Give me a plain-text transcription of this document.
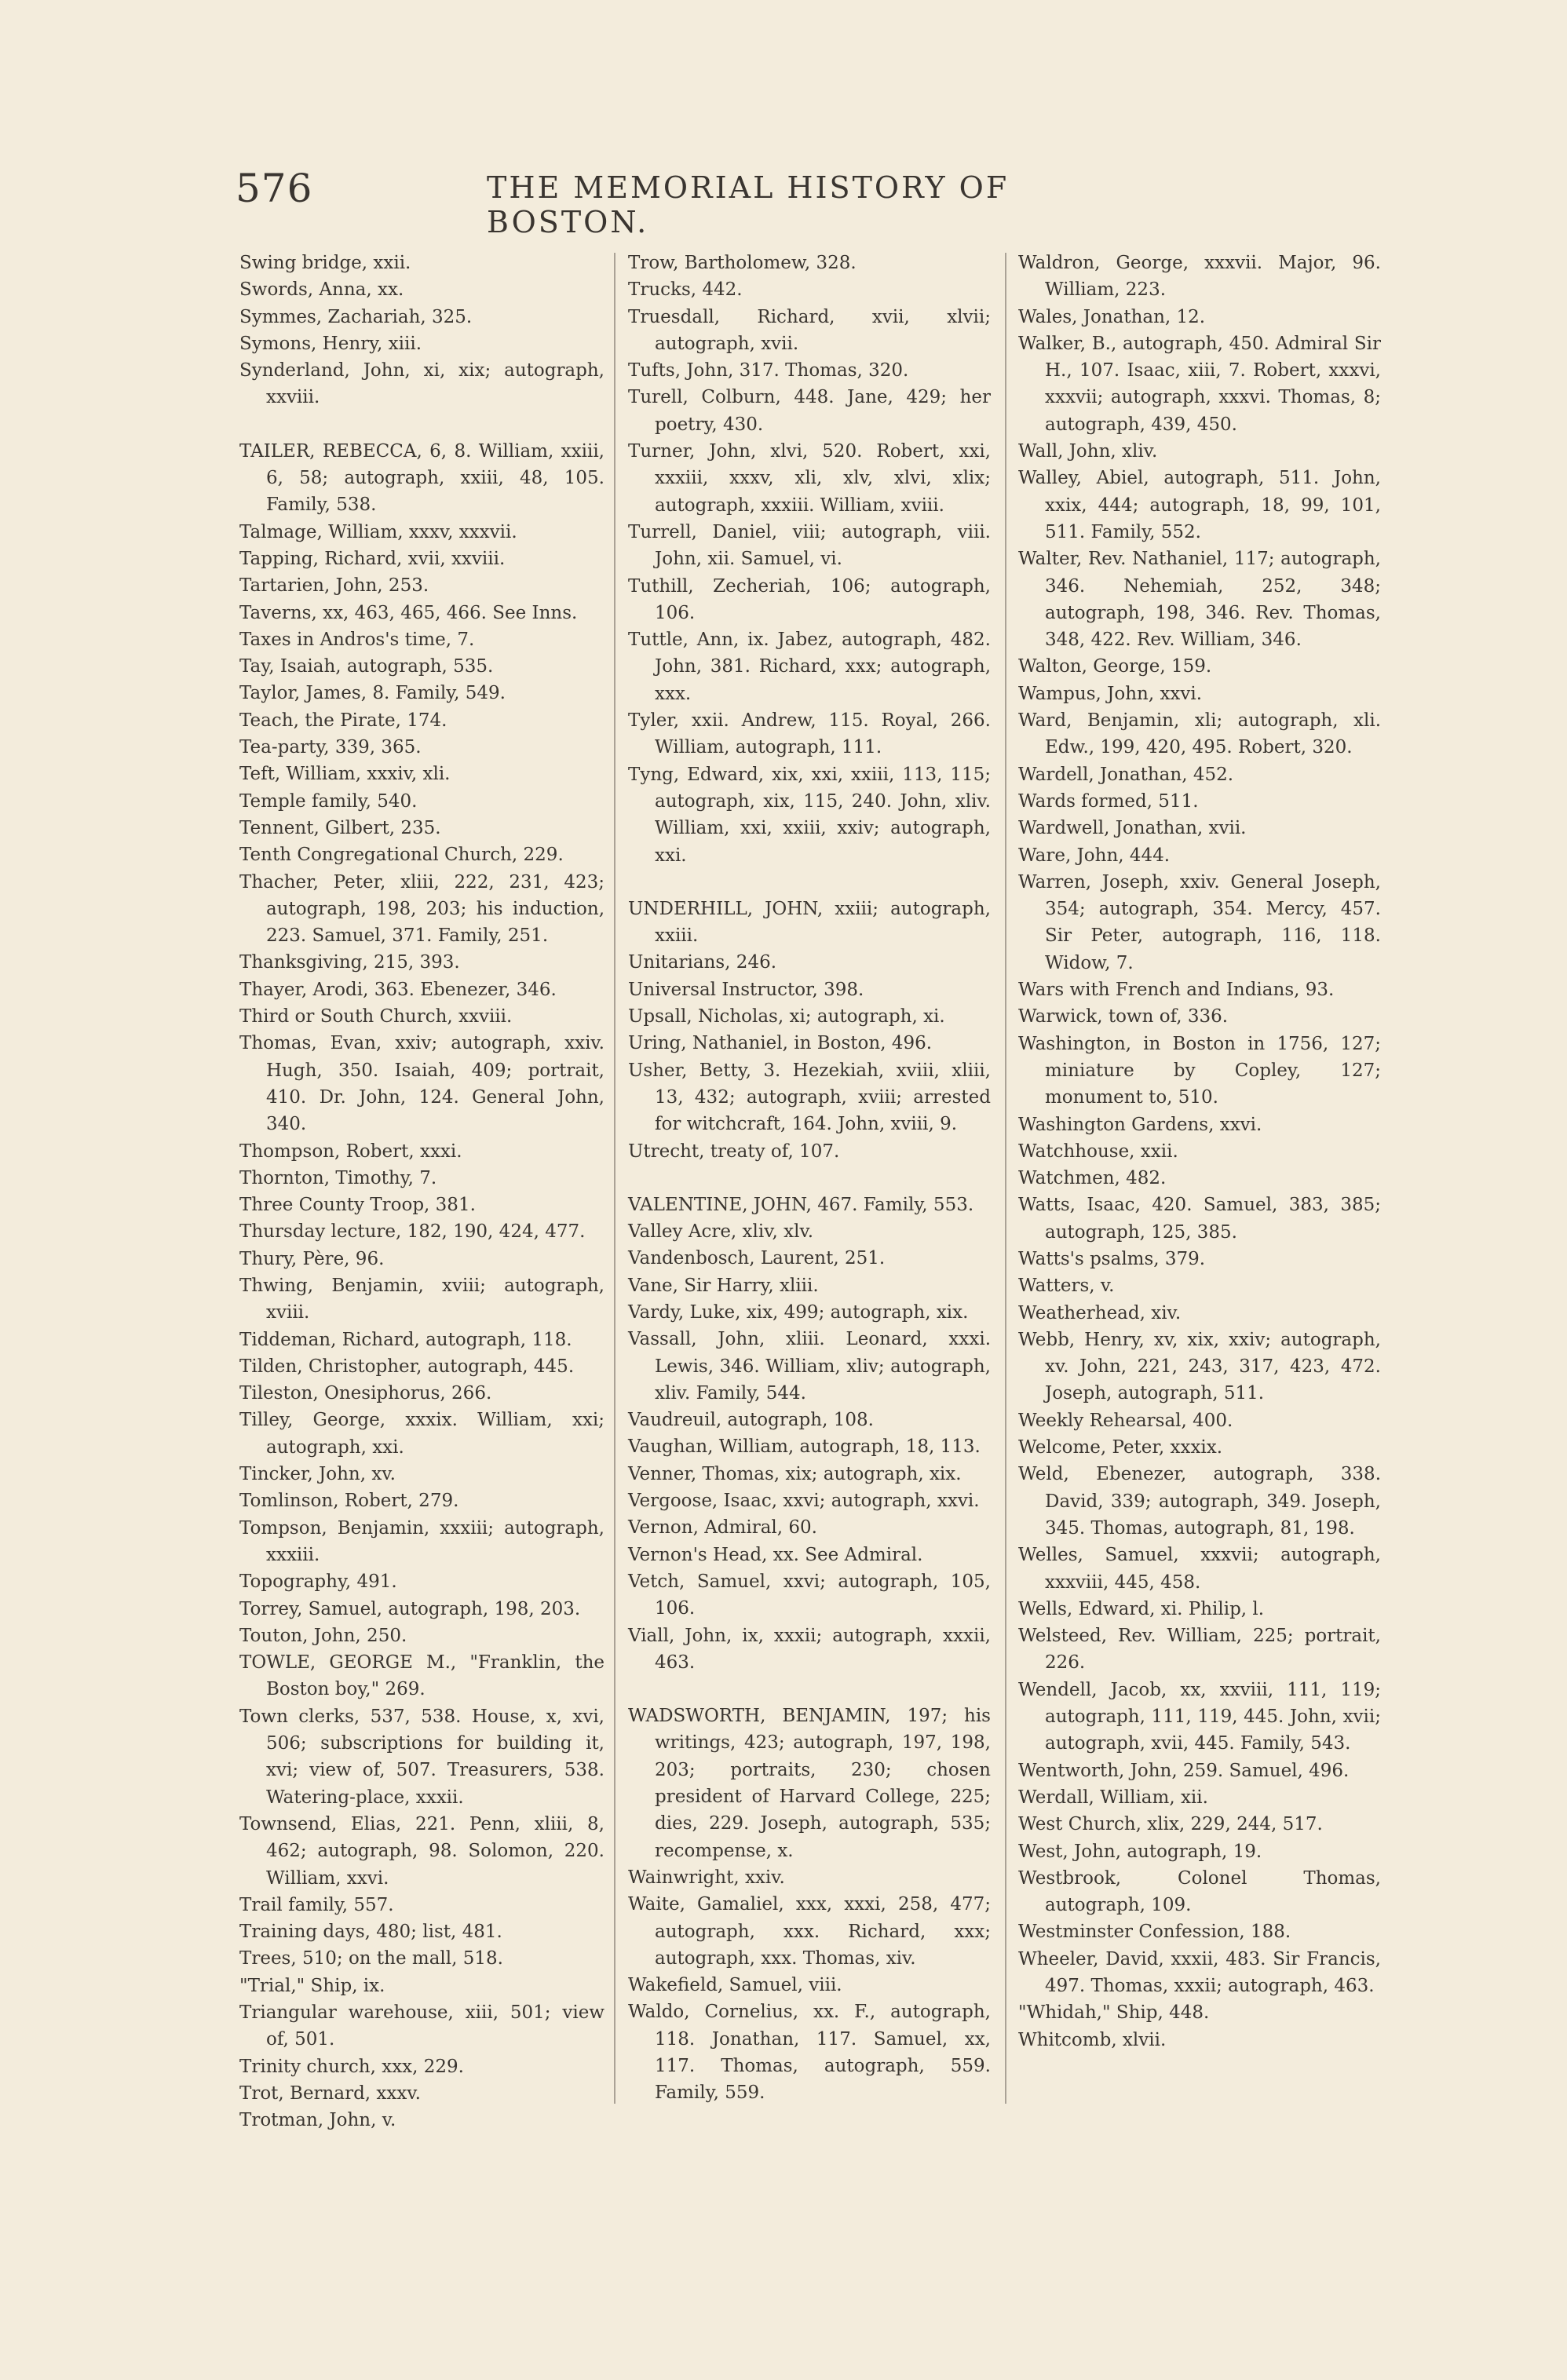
576	THE MEMORIAL HISTORY OF BOSTON.

Swing bridge, xxii.

Swords, Anna, xx.

Symmes, Zachariah, 325.

Symons, Henry, xiii.

Synderland, John, xi, xix; autograph, xxviii.

TAILER, REBECCA, 6, 8. William, xxiii, 6, 58; autograph, xxiii, 48, 105. Family, 538.

Talmage, William, xxxv, xxxvii.

Tapping, Richard, xvii, xxviii.

Tartarien, John, 253.

Taverns, xx, 463, 465, 466. See Inns.

Taxes in Andros's time, 7.

Tay, Isaiah, autograph, 535.

Taylor, James, 8. Family, 549.

Teach, the Pirate, 174.

Tea-party, 339, 365.

Teft, William, xxxiv, xli.

Temple family, 540.

Tennent, Gilbert, 235.

Tenth Congregational Church, 229.

Thacher, Peter, xliii, 222, 231, 423; autograph, 198, 203; his induction, 223. Samuel, 371. Family, 251.

Thanksgiving, 215, 393.

Thayer, Arodi, 363. Ebenezer, 346.

Third or South Church, xxviii.

Thomas, Evan, xxiv; autograph, xxiv. Hugh, 350. Isaiah, 409; portrait, 410. Dr. John, 124. General John, 340.

Thompson, Robert, xxxi.

Thornton, Timothy, 7.

Three County Troop, 381.

Thursday lecture, 182, 190, 424, 477.

Thury, Père, 96.

Thwing, Benjamin, xviii; autograph, xviii.

Tiddeman, Richard, autograph, 118.

Tilden, Christopher, autograph, 445.

Tileston, Onesiphorus, 266.

Tilley, George, xxxix. William, xxi; autograph, xxi.

Tincker, John, xv.

Tomlinson, Robert, 279.

Tompson, Benjamin, xxxiii; autograph, xxxiii.

Topography, 491.

Torrey, Samuel, autograph, 198, 203.

Touton, John, 250.

TOWLE, GEORGE M., "Franklin, the Boston boy," 269.

Town clerks, 537, 538. House, x, xvi, 506; subscriptions for building it, xvi; view of, 507. Treasurers, 538. Watering-place, xxxii.

Townsend, Elias, 221. Penn, xliii, 8, 462; autograph, 98. Solomon, 220. William, xxvi.

Trail family, 557.

Training days, 480; list, 481.

Trees, 510; on the mall, 518.

"Trial," Ship, ix.

Triangular warehouse, xiii, 501; view of, 501.

Trinity church, xxx, 229.

Trot, Bernard, xxxv.

Trotman, John, v.

Trow, Bartholomew, 328.

Trucks, 442.

Truesdall, Richard, xvii, xlvii; autograph, xvii.

Tufts, John, 317. Thomas, 320.

Turell, Colburn, 448. Jane, 429; her poetry, 430.

Turner, John, xlvi, 520. Robert, xxi, xxxiii, xxxv, xli, xlv, xlvi, xlix; autograph, xxxiii. William, xviii.

Turrell, Daniel, viii; autograph, viii. John, xii. Samuel, vi.

Tuthill, Zecheriah, 106; autograph, 106.

Tuttle, Ann, ix. Jabez, autograph, 482. John, 381. Richard, xxx; autograph, xxx.

Tyler, xxii. Andrew, 115. Royal, 266. William, autograph, 111.

Tyng, Edward, xix, xxi, xxiii, 113, 115; autograph, xix, 115, 240. John, xliv. William, xxi, xxiii, xxiv; autograph, xxi.

UNDERHILL, JOHN, xxiii; autograph, xxiii.

Unitarians, 246.

Universal Instructor, 398.

Upsall, Nicholas, xi; autograph, xi.

Uring, Nathaniel, in Boston, 496.

Usher, Betty, 3. Hezekiah, xviii, xliii, 13, 432; autograph, xviii; arrested for witchcraft, 164. John, xviii, 9.

Utrecht, treaty of, 107.

VALENTINE, JOHN, 467. Family, 553.

Valley Acre, xliv, xlv.

Vandenbosch, Laurent, 251.

Vane, Sir Harry, xliii.

Vardy, Luke, xix, 499; autograph, xix.

Vassall, John, xliii. Leonard, xxxi. Lewis, 346. William, xliv; autograph, xliv. Family, 544.

Vaudreuil, autograph, 108.

Vaughan, William, autograph, 18, 113.

Venner, Thomas, xix; autograph, xix.

Vergoose, Isaac, xxvi; autograph, xxvi.

Vernon, Admiral, 60.

Vernon's Head, xx. See Admiral.

Vetch, Samuel, xxvi; autograph, 105, 106.

Viall, John, ix, xxxii; autograph, xxxii, 463.

WADSWORTH, BENJAMIN, 197; his writings, 423; autograph, 197, 198, 203; portraits, 230; chosen president of Harvard College, 225; dies, 229. Joseph, autograph, 535; recompense, x.

Wainwright, xxiv.

Waite, Gamaliel, xxx, xxxi, 258, 477; autograph, xxx. Richard, xxx; autograph, xxx. Thomas, xiv.

Wakefield, Samuel, viii.

Waldo, Cornelius, xx. F., autograph, 118. Jonathan, 117. Samuel, xx, 117. Thomas, autograph, 559. Family, 559.

Waldron, George, xxxvii. Major, 96. William, 223.

Wales, Jonathan, 12.

Walker, B., autograph, 450. Admiral Sir H., 107. Isaac, xiii, 7. Robert, xxxvi, xxxvii; autograph, xxxvi. Thomas, 8; autograph, 439, 450.

Wall, John, xliv.

Walley, Abiel, autograph, 511. John, xxix, 444; autograph, 18, 99, 101, 511. Family, 552.

Walter, Rev. Nathaniel, 117; autograph, 346. Nehemiah, 252, 348; autograph, 198, 346. Rev. Thomas, 348, 422. Rev. William, 346.

Walton, George, 159.

Wampus, John, xxvi.

Ward, Benjamin, xli; autograph, xli. Edw., 199, 420, 495. Robert, 320.

Wardell, Jonathan, 452.

Wards formed, 511.

Wardwell, Jonathan, xvii.

Ware, John, 444.

Warren, Joseph, xxiv. General Joseph, 354; autograph, 354. Mercy, 457. Sir Peter, autograph, 116, 118. Widow, 7.

Wars with French and Indians, 93.

Warwick, town of, 336.

Washington, in Boston in 1756, 127; miniature by Copley, 127; monument to, 510.

Washington Gardens, xxvi.

Watchhouse, xxii.

Watchmen, 482.

Watts, Isaac, 420. Samuel, 383, 385; autograph, 125, 385.

Watts's psalms, 379.

Watters, v.

Weatherhead, xiv.

Webb, Henry, xv, xix, xxiv; autograph, xv. John, 221, 243, 317, 423, 472. Joseph, autograph, 511.

Weekly Rehearsal, 400.

Welcome, Peter, xxxix.

Weld, Ebenezer, autograph, 338. David, 339; autograph, 349. Joseph, 345. Thomas, autograph, 81, 198.

Welles, Samuel, xxxvii; autograph, xxxviii, 445, 458.

Wells, Edward, xi. Philip, l.

Welsteed, Rev. William, 225; portrait, 226.

Wendell, Jacob, xx, xxviii, 111, 119; autograph, 111, 119, 445. John, xvii; autograph, xvii, 445. Family, 543.

Wentworth, John, 259. Samuel, 496.

Werdall, William, xii.

West Church, xlix, 229, 244, 517.

West, John, autograph, 19.

Westbrook, Colonel Thomas, autograph, 109.

Westminster Confession, 188.

Wheeler, David, xxxii, 483. Sir Francis, 497. Thomas, xxxii; autograph, 463.

"Whidah," Ship, 448.

Whitcomb, xlvii.
